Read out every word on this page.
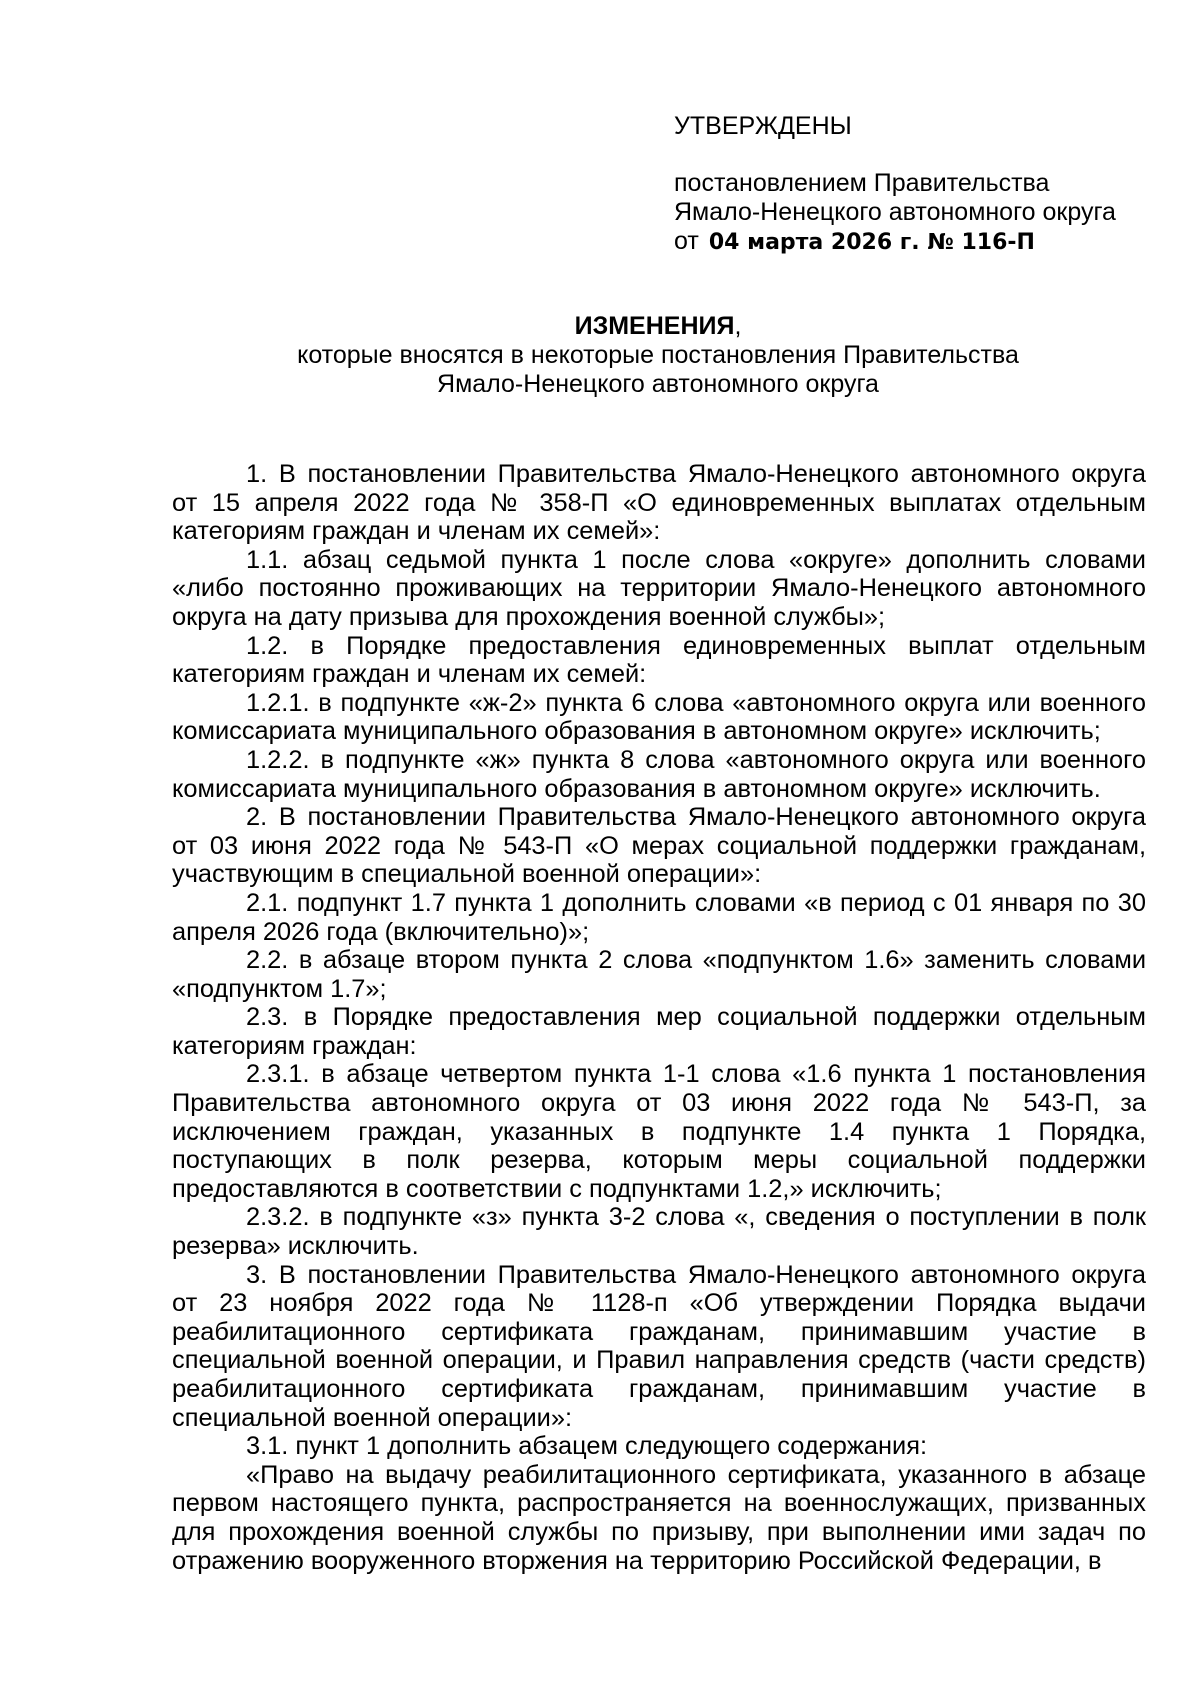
УТВЕРЖДЕНЫ
постановлением Правительства
Ямало-Ненецкого автономного округа
от 04 марта 2026 г. № 116-П
ИЗМЕНЕНИЯ,
которые вносятся в некоторые постановления Правительства
Ямало-Ненецкого автономного округа

1. В постановлении Правительства Ямало-Ненецкого автономного округа от 15 апреля 2022 года № 358-П «О единовременных выплатах отдельным категориям граждан и членам их семей»:

1.1. абзац седьмой пункта 1 после слова «округе» дополнить словами «либо постоянно проживающих на территории Ямало-Ненецкого автономного округа на дату призыва для прохождения военной службы»;

1.2. в Порядке предоставления единовременных выплат отдельным категориям граждан и членам их семей:

1.2.1. в подпункте «ж-2» пункта 6 слова «автономного округа или военного комиссариата муниципального образования в автономном округе» исключить;

1.2.2. в подпункте «ж» пункта 8 слова «автономного округа или военного комиссариата муниципального образования в автономном округе» исключить.

2. В постановлении Правительства Ямало-Ненецкого автономного округа от 03 июня 2022 года № 543-П «О мерах социальной поддержки гражданам, участвующим в специальной военной операции»:

2.1. подпункт 1.7 пункта 1 дополнить словами «в период с 01 января по 30 апреля 2026 года (включительно)»;

2.2. в абзаце втором пункта 2 слова «подпунктом 1.6» заменить словами «подпунктом 1.7»;

2.3. в Порядке предоставления мер социальной поддержки отдельным категориям граждан:

2.3.1. в абзаце четвертом пункта 1-1 слова «1.6 пункта 1 постановления Правительства автономного округа от 03 июня 2022 года № 543-П, за исключением граждан, указанных в подпункте 1.4 пункта 1 Порядка, поступающих в полк резерва, которым меры социальной поддержки предоставляются в соответствии с подпунктами 1.2,» исключить;

2.3.2. в подпункте «з» пункта 3-2 слова «, сведения о поступлении в полк резерва» исключить.

3. В постановлении Правительства Ямало-Ненецкого автономного округа от 23 ноября 2022 года № 1128-п «Об утверждении Порядка выдачи реабилитационного сертификата гражданам, принимавшим участие в специальной военной операции, и Правил направления средств (части средств) реабилитационного сертификата гражданам, принимавшим участие в специальной военной операции»:

3.1. пункт 1 дополнить абзацем следующего содержания:

«Право на выдачу реабилитационного сертификата, указанного в абзаце первом настоящего пункта, распространяется на военнослужащих, призванных для прохождения военной службы по призыву, при выполнении ими задач по отражению вооруженного вторжения на территорию Российской Федерации, в
